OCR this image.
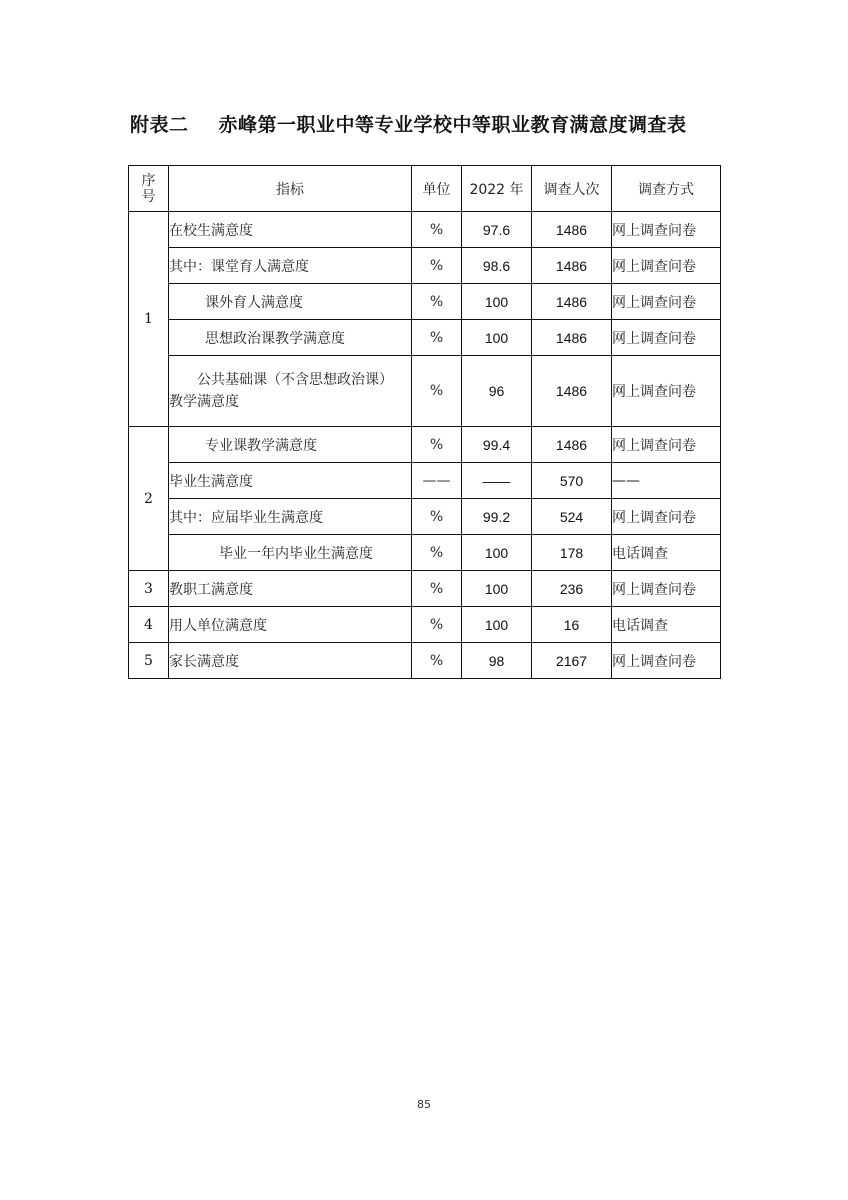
附表二 赤峰第一职业中等专业学校中等职业教育满意度调查表
序
号	指标	单位	2022 年	调查人次	调查方式
1	在校生满意度	%	97.6	1486	网上调查问卷
	其中：课堂育人满意度	%	98.6	1486	网上调查问卷
	课外育人满意度	%	100	1486	网上调查问卷
	思想政治课教学满意度	%	100	1486	网上调查问卷
	公共基础课（不含思想政治课）
教学满意度	%	96	1486	网上调查问卷
2	专业课教学满意度	%	99.4	1486	网上调查问卷
	毕业生满意度	——	——	570	——
	其中：应届毕业生满意度	%	99.2	524	网上调查问卷
	毕业一年内毕业生满意度	%	100	178	电话调查
3	教职工满意度	%	100	236	网上调查问卷
4	用人单位满意度	%	100	16	电话调查
5	家长满意度	%	98	2167	网上调查问卷
85
